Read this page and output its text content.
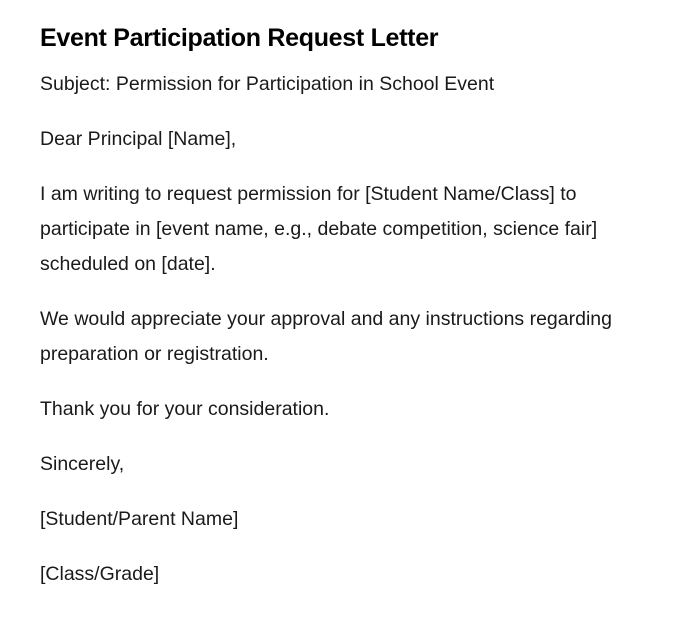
Event Participation Request Letter

Subject: Permission for Participation in School Event

Dear Principal [Name],

I am writing to request permission for [Student Name/Class] to participate in [event name, e.g., debate competition, science fair] scheduled on [date].

We would appreciate your approval and any instructions regarding preparation or registration.

Thank you for your consideration.

Sincerely,

[Student/Parent Name]

[Class/Grade]
